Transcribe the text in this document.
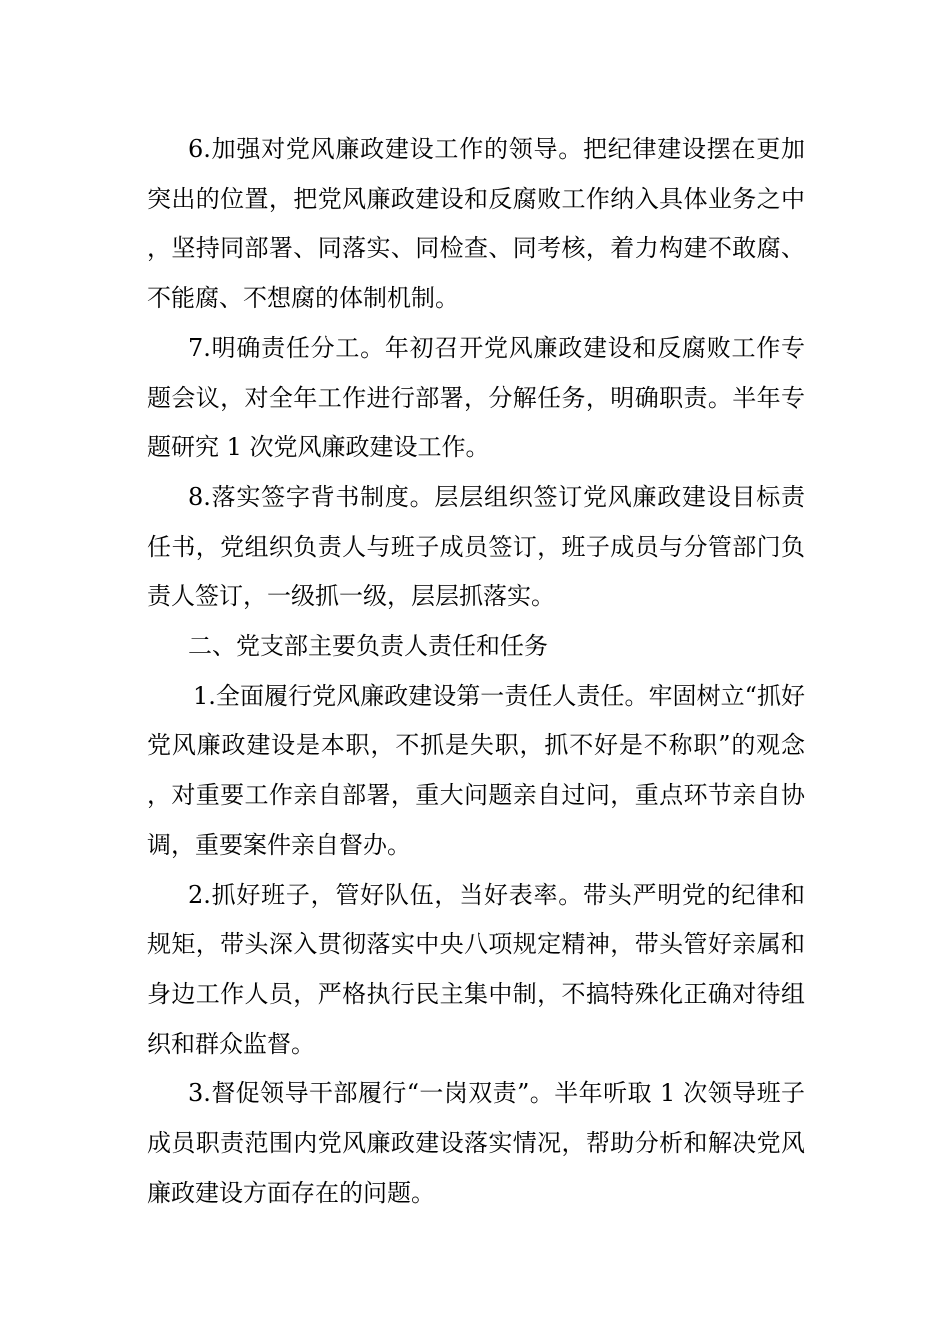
6.加强对党风廉政建设工作的领导。把纪律建设摆在更加突出的位置，把党风廉政建设和反腐败工作纳入具体业务之中，坚持同部署、同落实、同检查、同考核，着力构建不敢腐、不能腐、不想腐的体制机制。

7.明确责任分工。年初召开党风廉政建设和反腐败工作专题会议，对全年工作进行部署，分解任务，明确职责。半年专题研究 1 次党风廉政建设工作。

8.落实签字背书制度。层层组织签订党风廉政建设目标责任书，党组织负责人与班子成员签订，班子成员与分管部门负责人签订，一级抓一级，层层抓落实。

二、党支部主要负责人责任和任务

1.全面履行党风廉政建设第一责任人责任。牢固树立“抓好党风廉政建设是本职，不抓是失职，抓不好是不称职”的观念，对重要工作亲自部署，重大问题亲自过问，重点环节亲自协调，重要案件亲自督办。

2.抓好班子，管好队伍，当好表率。带头严明党的纪律和规矩，带头深入贯彻落实中央八项规定精神，带头管好亲属和身边工作人员，严格执行民主集中制，不搞特殊化正确对待组织和群众监督。

3.督促领导干部履行“一岗双责”。半年听取 1 次领导班子成员职责范围内党风廉政建设落实情况，帮助分析和解决党风廉政建设方面存在的问题。
